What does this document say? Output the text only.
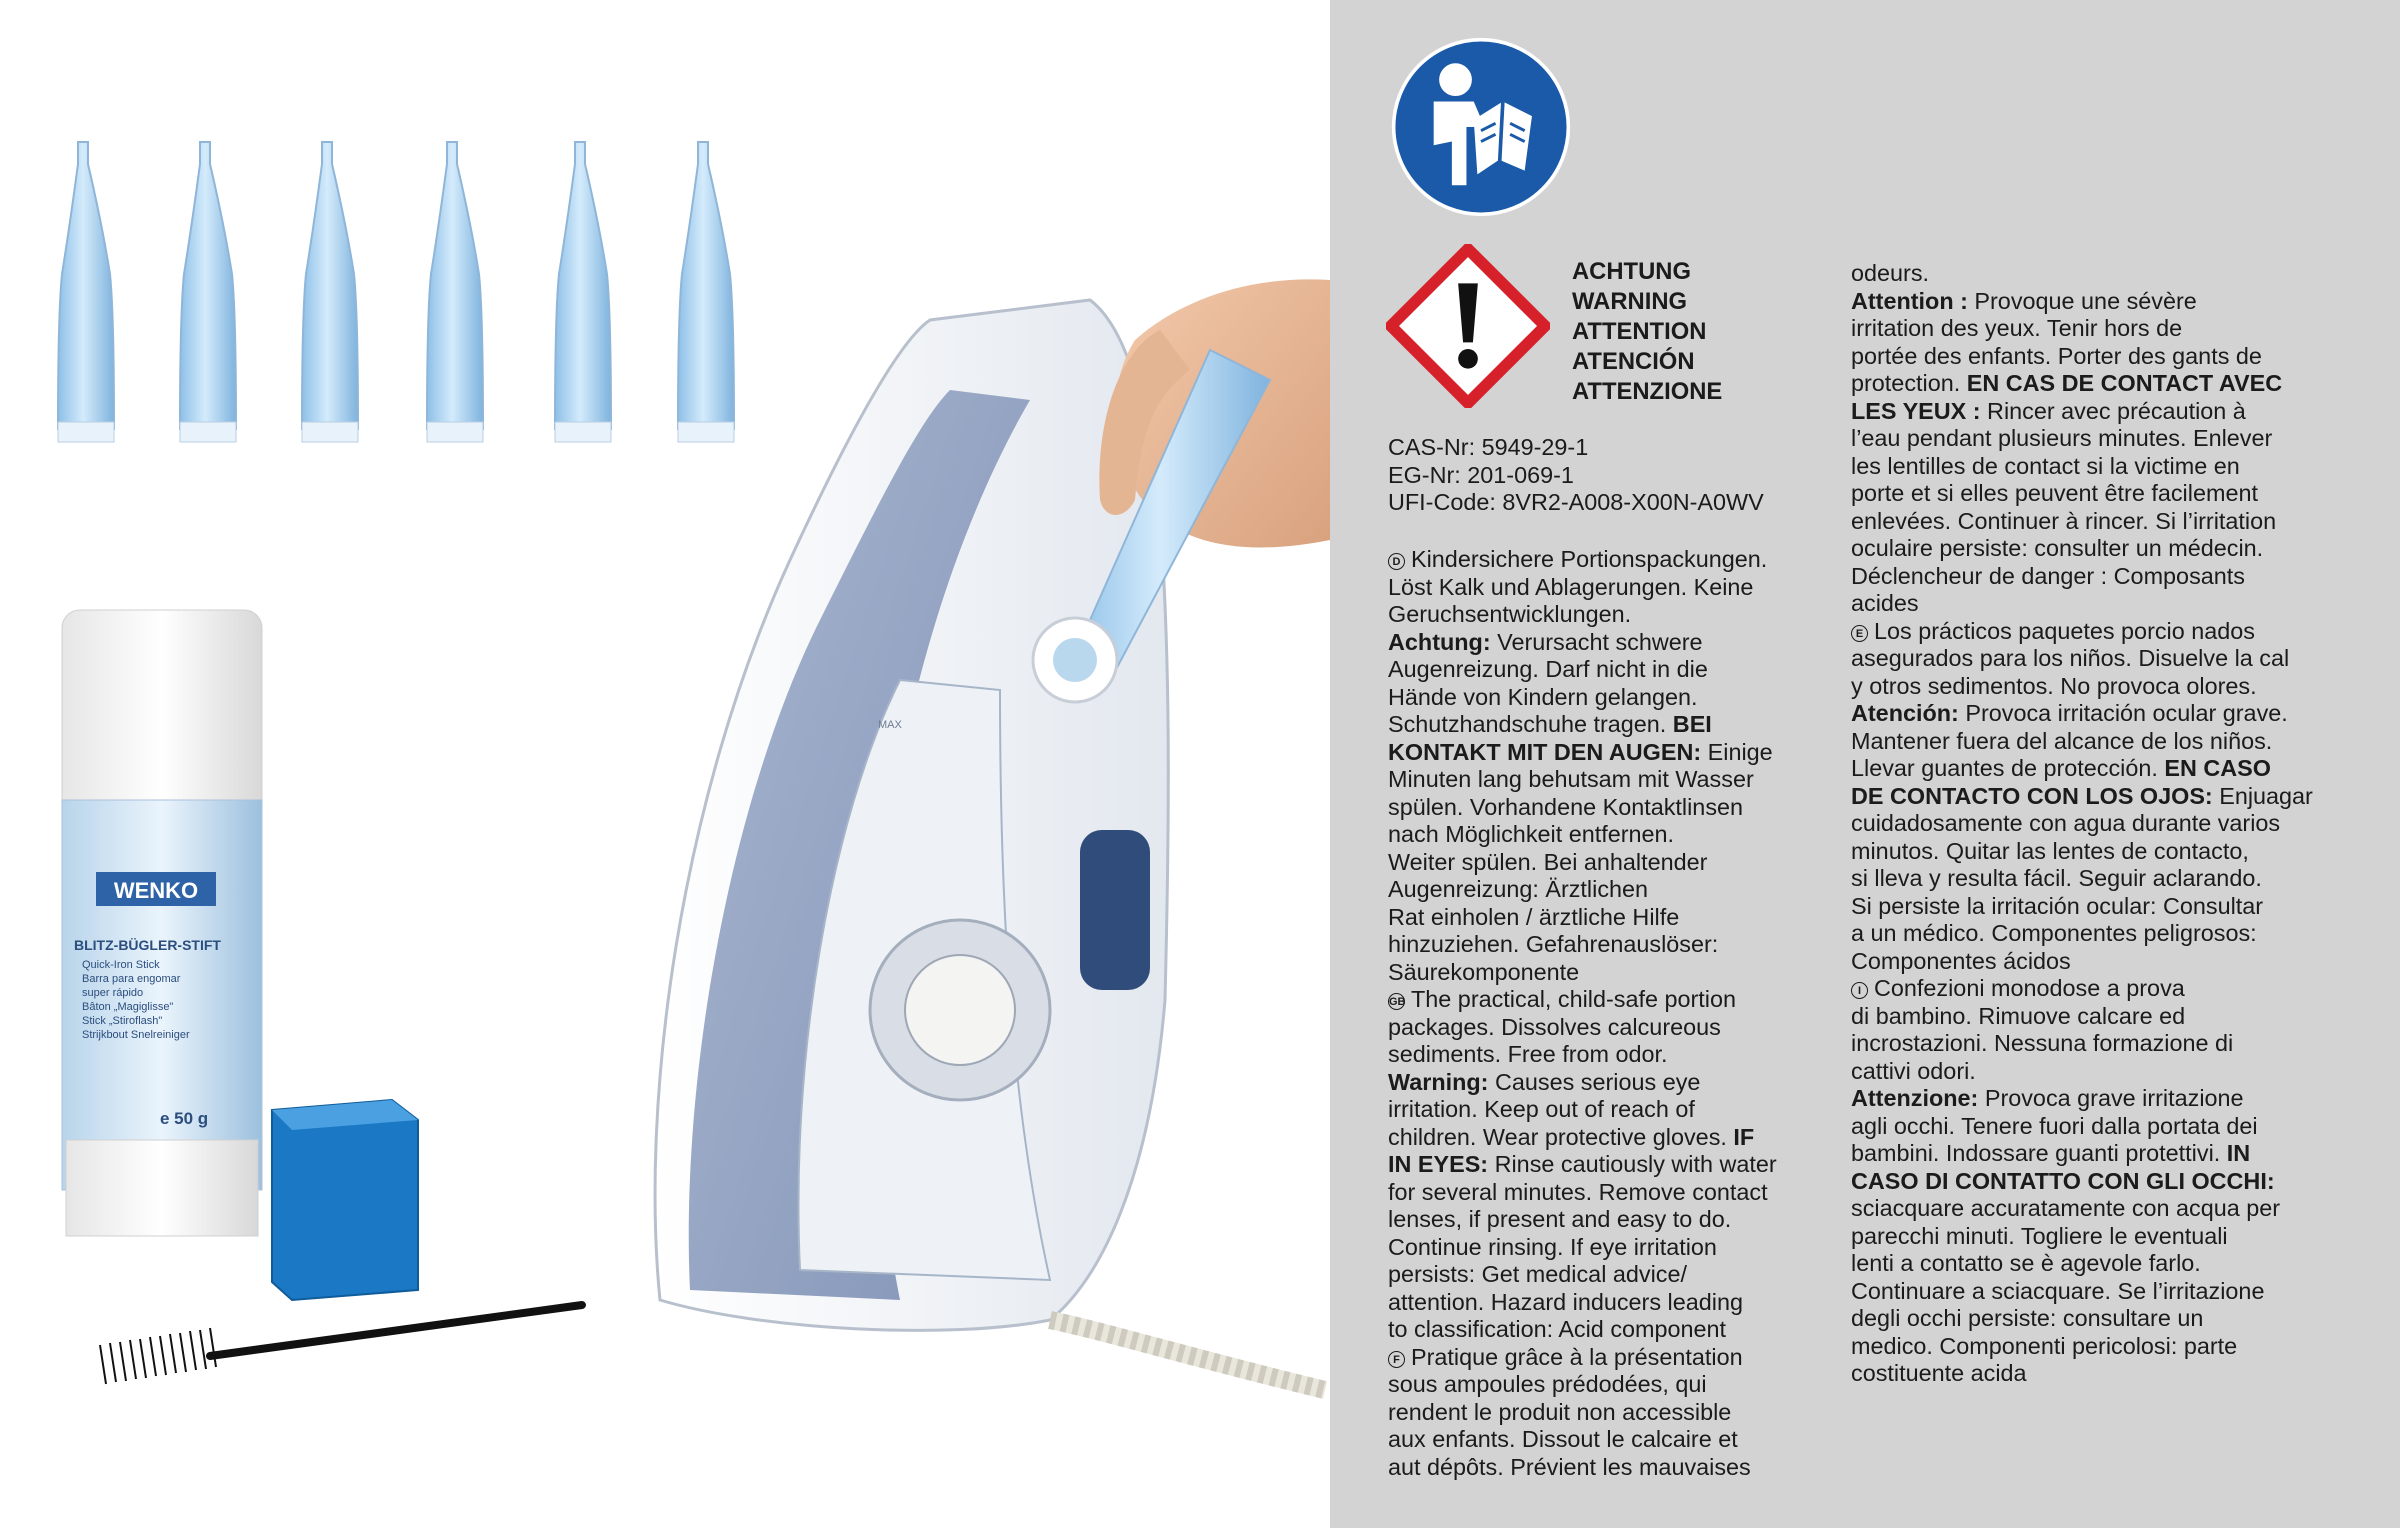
WENKO
BLITZ-BÜGLER-STIFT
Quick-Iron Stick
Barra para engomar
super rápido
Bâton „Magiglisse"
Stick „Stiroflash"
Strijkbout Snelreiniger
e 50 g
MAX
ACHTUNG
WARNING
ATTENTION
ATENCIÓN
ATTENZIONE
CAS-Nr: 5949-29-1
EG-Nr: 201-069-1
UFI-Code: 8VR2-A008-X00N-A0WV
D Kindersichere Portionspackungen.
Löst Kalk und Ablagerungen. Keine
Geruchsentwicklungen.
Achtung: Verursacht schwere
Augenreizung. Darf nicht in die
Hände von Kindern gelangen.
Schutzhandschuhe tragen. BEI
KONTAKT MIT DEN AUGEN: Einige
Minuten lang behutsam mit Wasser
spülen. Vorhandene Kontaktlinsen
nach Möglichkeit entfernen.
Weiter spülen. Bei anhaltender
Augenreizung: Ärztlichen
Rat einholen / ärztliche Hilfe
hinzuziehen. Gefahrenauslöser:
Säurekomponente
GB The practical, child-safe portion
packages. Dissolves calcureous
sediments. Free from odor.
Warning: Causes serious eye
irritation. Keep out of reach of
children. Wear protective gloves. IF
IN EYES: Rinse cautiously with water
for several minutes. Remove contact
lenses, if present and easy to do.
Continue rinsing. If eye irritation
persists: Get medical advice/
attention. Hazard inducers leading
to classification: Acid component
F Pratique grâce à la présentation
sous ampoules prédodées, qui
rendent le produit non accessible
aux enfants. Dissout le calcaire et
aut dépôts. Prévient les mauvaises
odeurs.
Attention : Provoque une sévère
irritation des yeux. Tenir hors de
portée des enfants. Porter des gants de
protection. EN CAS DE CONTACT AVEC
LES YEUX : Rincer avec précaution à
l’eau pendant plusieurs minutes. Enlever
les lentilles de contact si la victime en
porte et si elles peuvent être facilement
enlevées. Continuer à rincer. Si l’irritation
oculaire persiste: consulter un médecin.
Déclencheur de danger : Composants
acides
E Los prácticos paquetes porcio nados
asegurados para los niños. Disuelve la cal
y otros sedimentos. No provoca olores.
Atención: Provoca irritación ocular grave.
Mantener fuera del alcance de los niños.
Llevar guantes de protección. EN CASO
DE CONTACTO CON LOS OJOS: Enjuagar
cuidadosamente con agua durante varios
minutos. Quitar las lentes de contacto,
si lleva y resulta fácil. Seguir aclarando.
Si persiste la irritación ocular: Consultar
a un médico. Componentes peligrosos:
Componentes ácidos
I Confezioni monodose a prova
di bambino. Rimuove calcare ed
incrostazioni. Nessuna formazione di
cattivi odori.
Attenzione: Provoca grave irritazione
agli occhi. Tenere fuori dalla portata dei
bambini. Indossare guanti protettivi. IN
CASO DI CONTATTO CON GLI OCCHI:
sciacquare accuratamente con acqua per
parecchi minuti. Togliere le eventuali
lenti a contatto se è agevole farlo.
Continuare a sciacquare. Se l’irritazione
degli occhi persiste: consultare un
medico. Componenti pericolosi: parte
costituente acida
